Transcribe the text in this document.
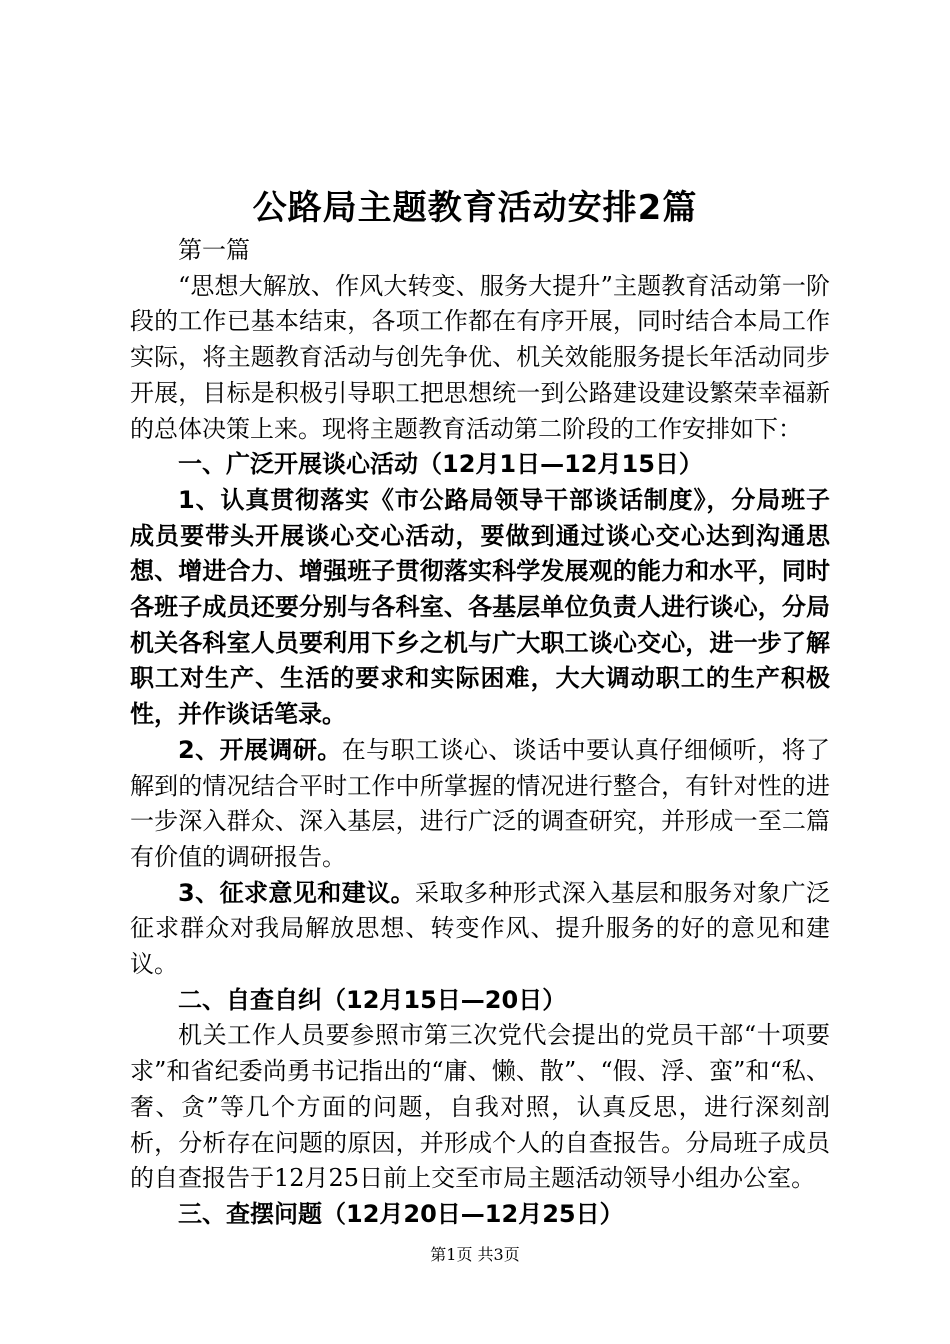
公路局主题教育活动安排2篇

第一篇

“思想大解放、作风大转变、服务大提升”主题教育活动第一阶段的工作已基本结束，各项工作都在有序开展，同时结合本局工作实际，将主题教育活动与创先争优、机关效能服务提长年活动同步开展，目标是积极引导职工把思想统一到公路建设建设繁荣幸福新的总体决策上来。现将主题教育活动第二阶段的工作安排如下：

一、广泛开展谈心活动（12月1日—12月15日）

1、认真贯彻落实《市公路局领导干部谈话制度》，分局班子成员要带头开展谈心交心活动，要做到通过谈心交心达到沟通思想、增进合力、增强班子贯彻落实科学发展观的能力和水平，同时各班子成员还要分别与各科室、各基层单位负责人进行谈心，分局机关各科室人员要利用下乡之机与广大职工谈心交心，进一步了解职工对生产、生活的要求和实际困难，大大调动职工的生产积极性，并作谈话笔录。

2、开展调研。在与职工谈心、谈话中要认真仔细倾听，将了解到的情况结合平时工作中所掌握的情况进行整合，有针对性的进一步深入群众、深入基层，进行广泛的调查研究，并形成一至二篇有价值的调研报告。

3、征求意见和建议。采取多种形式深入基层和服务对象广泛征求群众对我局解放思想、转变作风、提升服务的好的意见和建议。

二、自查自纠（12月15日—20日）

机关工作人员要参照市第三次党代会提出的党员干部“十项要求”和省纪委尚勇书记指出的“庸、懒、散”、“假、浮、蛮”和“私、奢、贪”等几个方面的问题，自我对照，认真反思，进行深刻剖析，分析存在问题的原因，并形成个人的自查报告。分局班子成员的自查报告于12月25日前上交至市局主题活动领导小组办公室。

三、查摆问题（12月20日—12月25日）

第1页 共3页
